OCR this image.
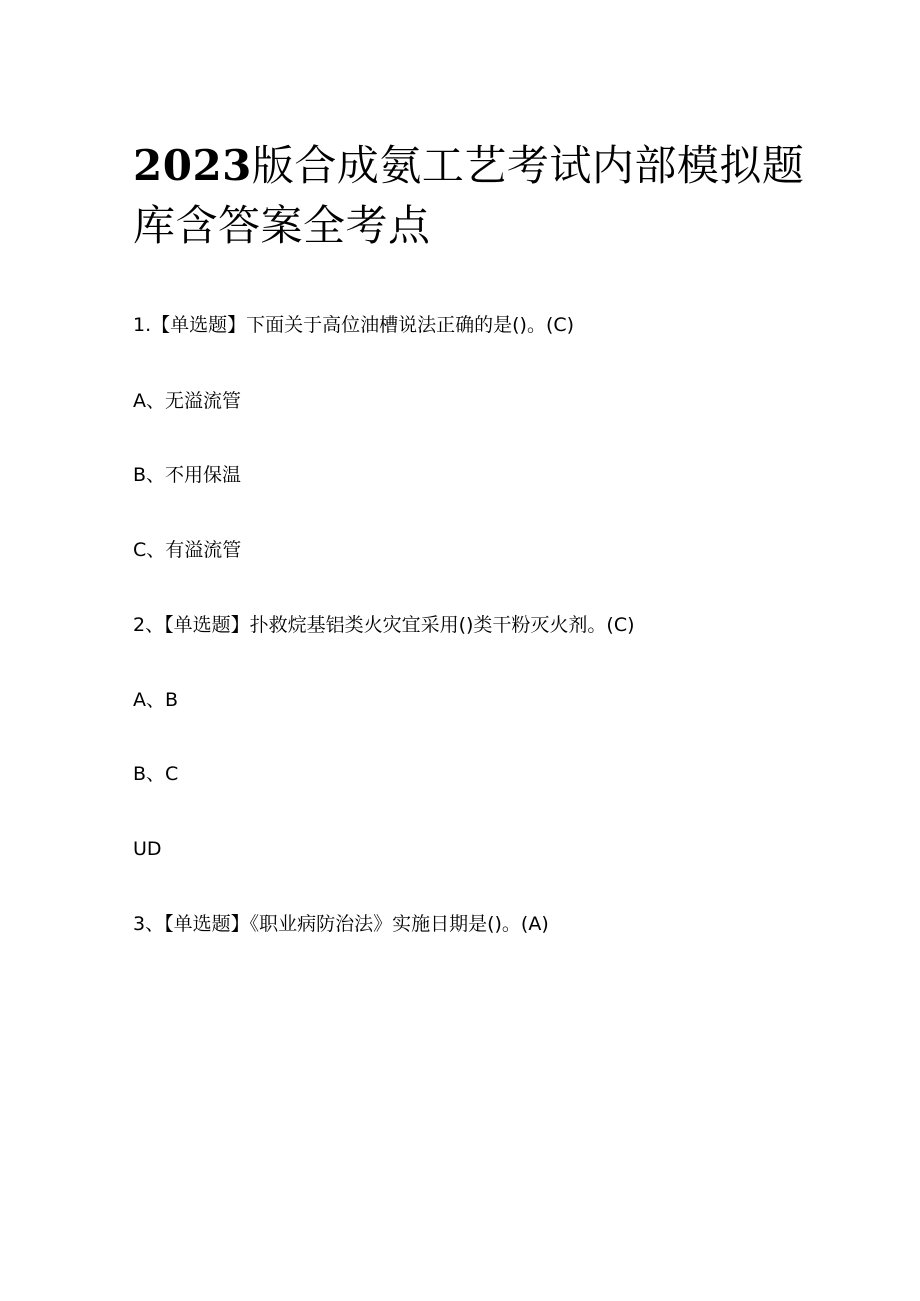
2023版合成氨工艺考试内部模拟题
库含答案全考点

1.【单选题】下面关于高位油槽说法正确的是()。(C)

A、无溢流管

B、不用保温

C、有溢流管

2、【单选题】扑救烷基铝类火灾宜采用()类干粉灭火剂。(C)

A、B

B、C

UD

3、【单选题】《职业病防治法》实施日期是()。(A)
